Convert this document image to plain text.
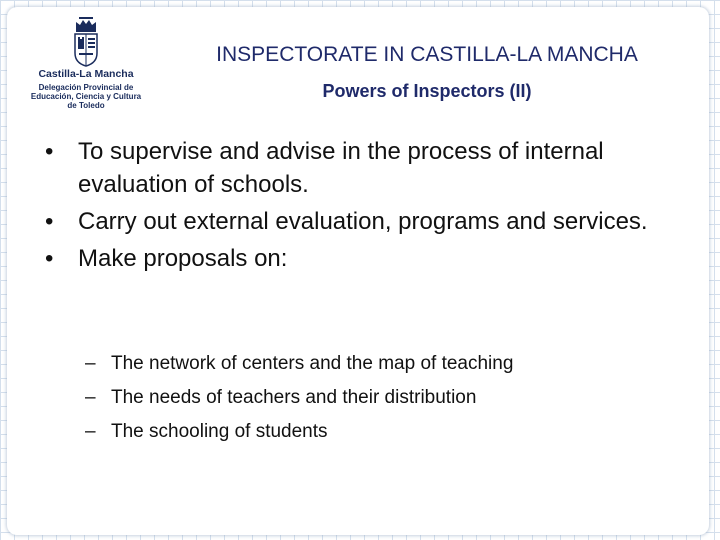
Castilla-La Mancha
Delegación Provincial de
Educación, Ciencia y Cultura
de Toledo
INSPECTORATE IN CASTILLA-LA MANCHA
Powers of Inspectors (II)
•	To supervise and advise in the process of internal evaluation of schools.
•	Carry out external evaluation, programs and services.
•	Make proposals on:
– The network of centers and the map of teaching
– The needs of teachers and their distribution
– The schooling of students
